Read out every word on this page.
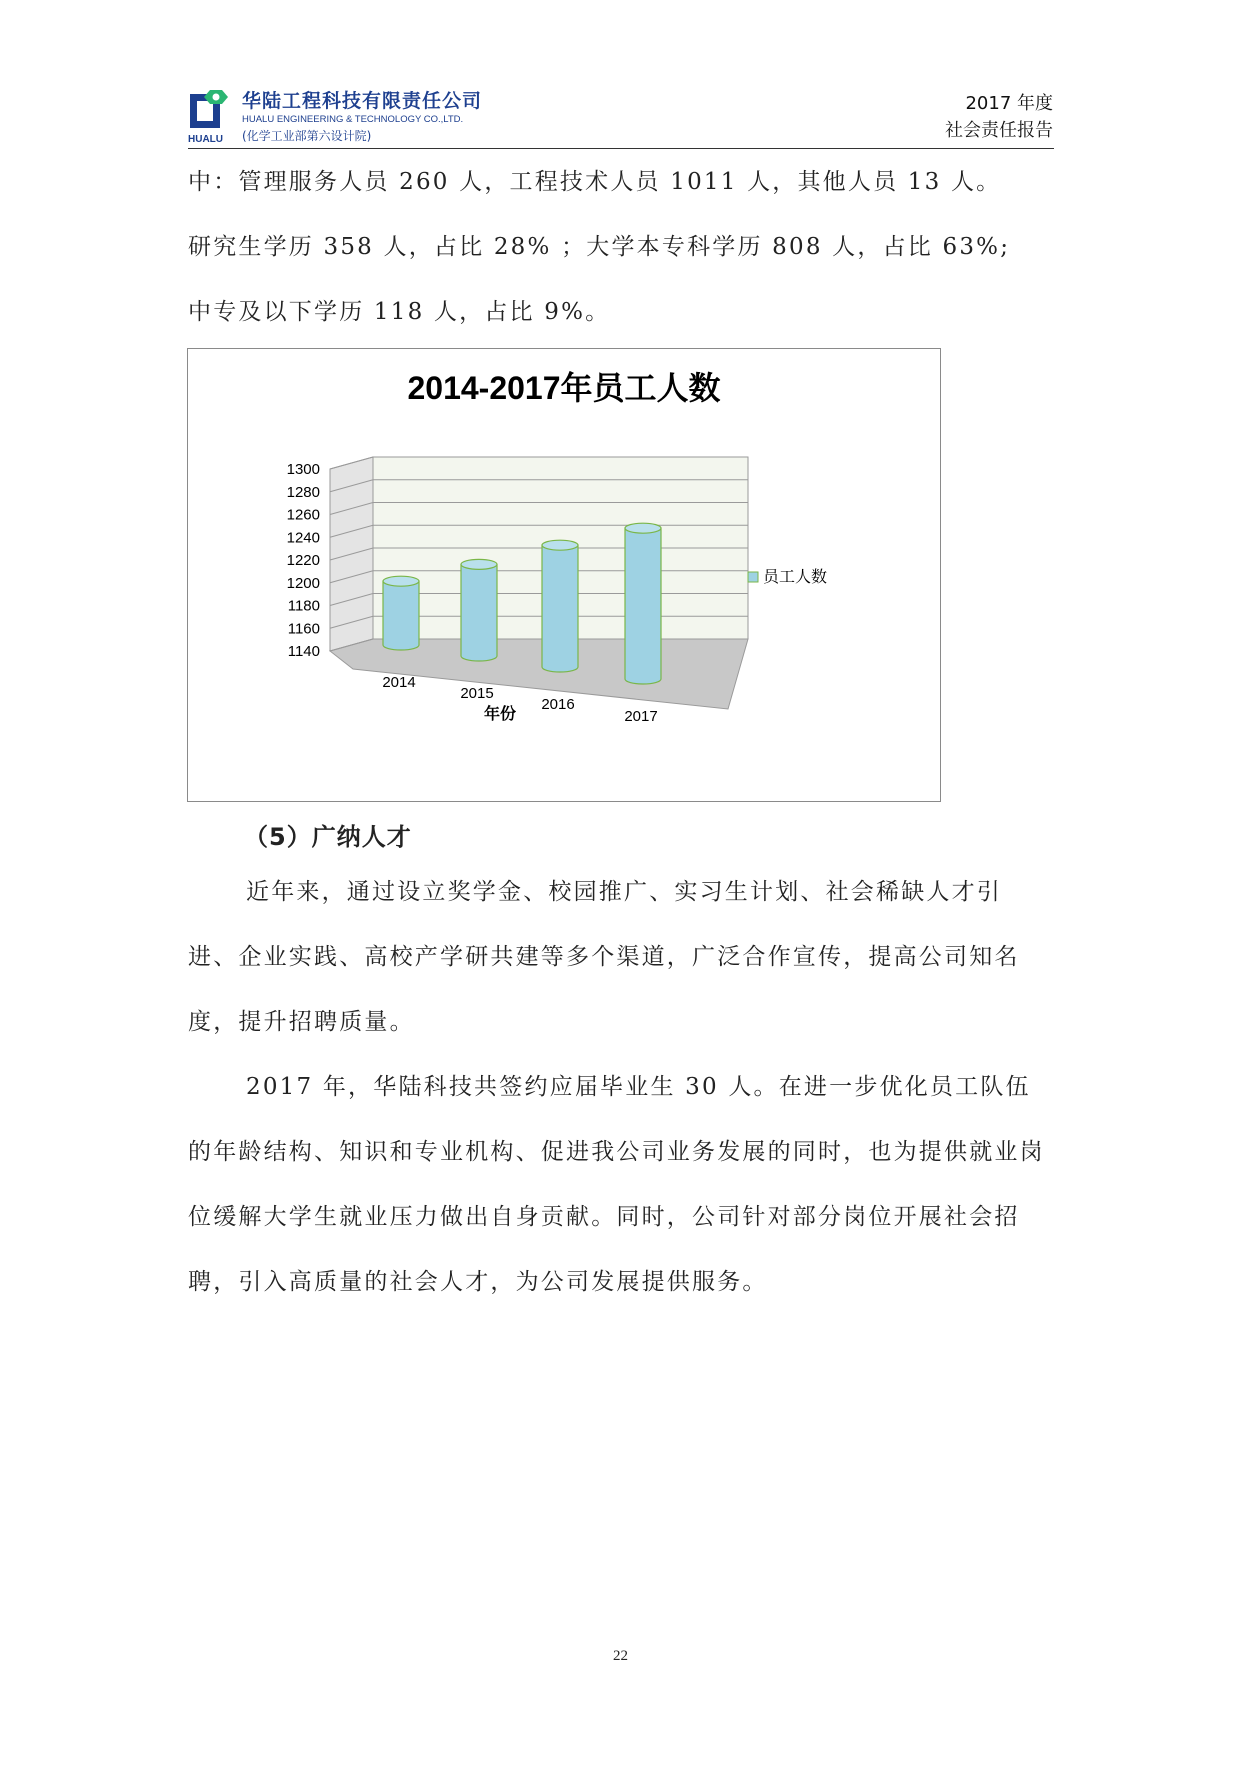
HUALU
华陆工程科技有限责任公司
HUALU ENGINEERING & TECHNOLOGY CO.,LTD.
(化学工业部第六设计院)
2017 年度
社会责任报告
中：管理服务人员 260 人，工程技术人员 1011 人，其他人员 13 人。
研究生学历 358 人，占比 28% ；大学本专科学历 808 人，占比 63%;
中专及以下学历 118 人，占比 9%。
2014-2017年员工人数
1140
1160
1180
1200
1220
1240
1260
1280
1300
2014
2015
2016
2017
年份
员工人数
（5）广纳人才
近年来，通过设立奖学金、校园推广、实习生计划、社会稀缺人才引进、企业实践、高校产学研共建等多个渠道，广泛合作宣传，提高公司知名度，提升招聘质量。
2017 年，华陆科技共签约应届毕业生 30 人。在进一步优化员工队伍的年龄结构、知识和专业机构、促进我公司业务发展的同时，也为提供就业岗位缓解大学生就业压力做出自身贡献。同时，公司针对部分岗位开展社会招聘，引入高质量的社会人才，为公司发展提供服务。
22
